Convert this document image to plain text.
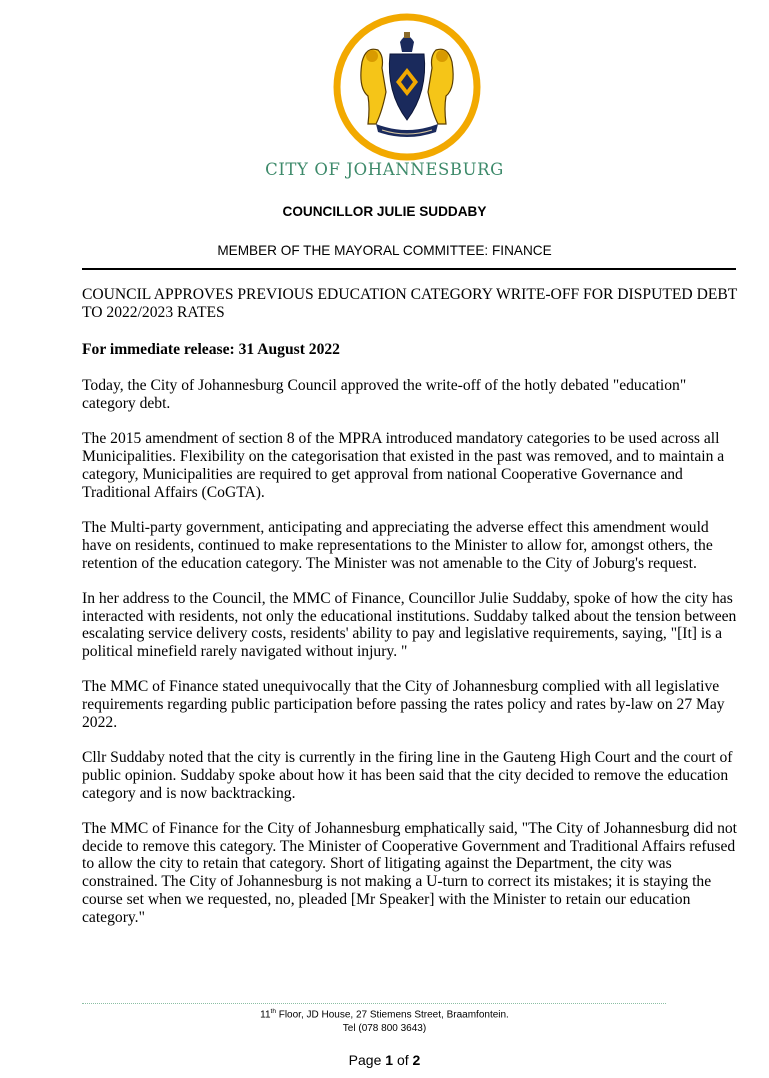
CITY OF JOHANNESBURG
COUNCILLOR JULIE SUDDABY
MEMBER OF THE MAYORAL COMMITTEE: FINANCE

COUNCIL APPROVES PREVIOUS EDUCATION CATEGORY WRITE-OFF FOR DISPUTED DEBT TO 2022/2023 RATES

For immediate release: 31 August 2022

Today, the City of Johannesburg Council approved the write-off of the hotly debated "education" category debt.

The 2015 amendment of section 8 of the MPRA introduced mandatory categories to be used across all Municipalities. Flexibility on the categorisation that existed in the past was removed, and to maintain a category, Municipalities are required to get approval from national Cooperative Governance and Traditional Affairs (CoGTA).

The Multi-party government, anticipating and appreciating the adverse effect this amendment would have on residents, continued to make representations to the Minister to allow for, amongst others, the retention of the education category. The Minister was not amenable to the City of Joburg's request.

In her address to the Council, the MMC of Finance, Councillor Julie Suddaby, spoke of how the city has interacted with residents, not only the educational institutions. Suddaby talked about the tension between escalating service delivery costs, residents' ability to pay and legislative requirements, saying, "[It] is a political minefield rarely navigated without injury. "

The MMC of Finance stated unequivocally that the City of Johannesburg complied with all legislative requirements regarding public participation before passing the rates policy and rates by-law on 27 May 2022.

Cllr Suddaby noted that the city is currently in the firing line in the Gauteng High Court and the court of public opinion. Suddaby spoke about how it has been said that the city decided to remove the education category and is now backtracking.

The MMC of Finance for the City of Johannesburg emphatically said, "The City of Johannesburg did not decide to remove this category. The Minister of Cooperative Government and Traditional Affairs refused to allow the city to retain that category. Short of litigating against the Department, the city was constrained. The City of Johannesburg is not making a U-turn to correct its mistakes; it is staying the course set when we requested, no, pleaded [Mr Speaker] with the Minister to retain our education category."

11th Floor, JD House, 27 Stiemens Street, Braamfontein.
Tel (078 800 3643)
Page 1 of 2
